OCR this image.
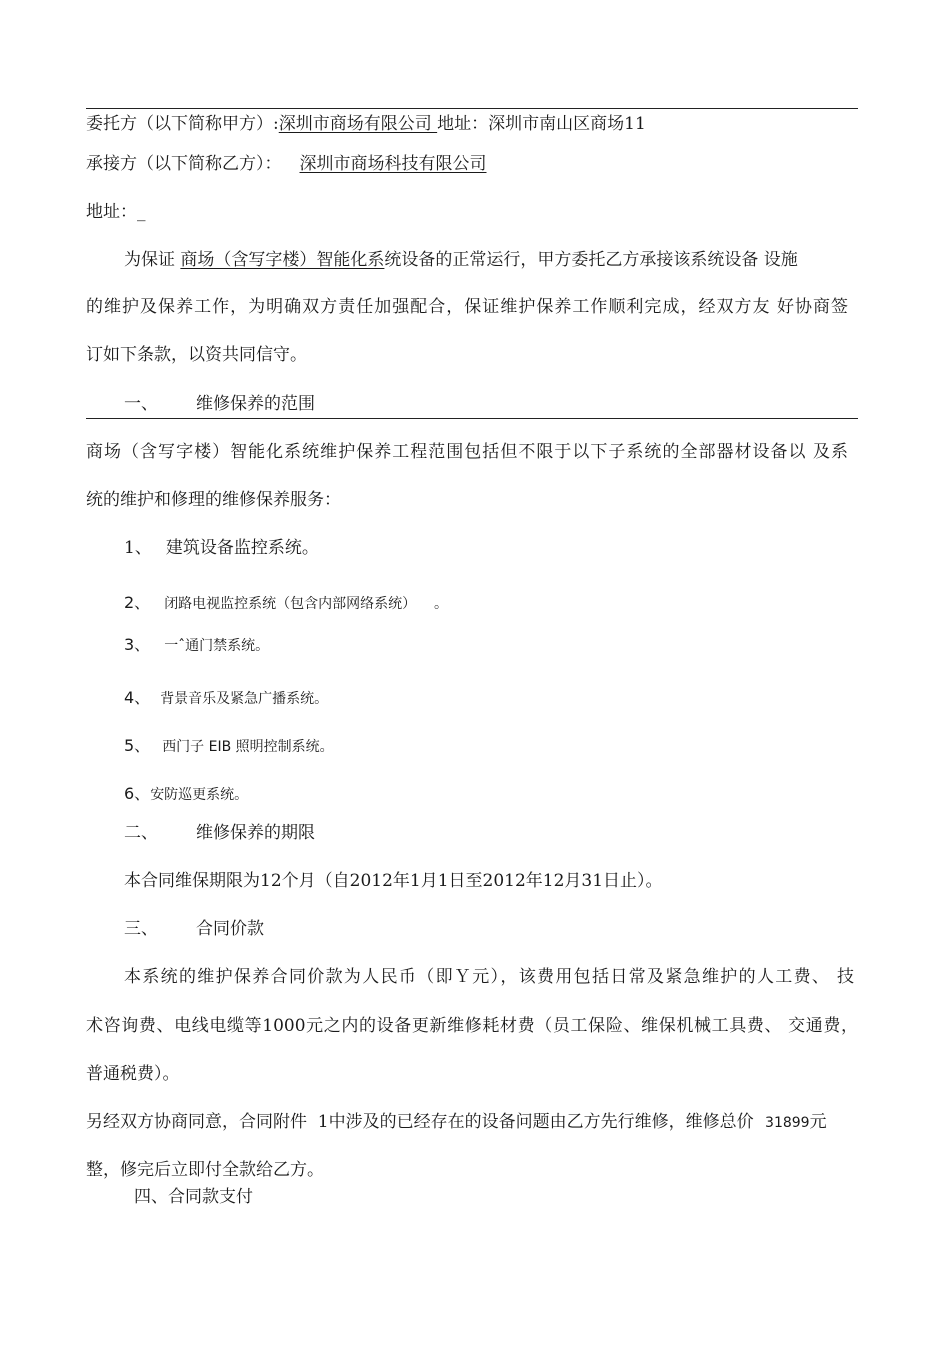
委托方（以下简称甲方）:深圳市商场有限公司 地址：深圳市南山区商场11
承接方（以下简称乙方）： 深圳市商场科技有限公司
地址：_
为保证 商场（含写字楼）智能化系统设备的正常运行，甲方委托乙方承接该系统设备 设施
的维护及保养工作，为明确双方责任加强配合，保证维护保养工作顺利完成，经双方友 好协商签
订如下条款，以资共同信守。
一、 维修保养的范围
商场（含写字楼）智能化系统维护保养工程范围包括但不限于以下子系统的全部器材设备以 及系
统的维护和修理的维修保养服务：
1、 建筑设备监控系统。
2、 闭路电视监控系统（包含内部网络系统）    。
3、 一ˆ通门禁系统。
4、 背景音乐及紧急广播系统。
5、 西门子 EIB 照明控制系统。
6、安防巡更系统。
二、 维修保养的期限
本合同维保期限为12个月（自2012年1月1日至2012年12月31日止）。
三、 合同价款
本系统的维护保养合同价款为人民币（即Ｙ元），该费用包括日常及紧急维护的人工费、 技
术咨询费、电线电缆等1000元之内的设备更新维修耗材费（员工保险、维保机械工具费、 交通费，
普通税费）。
另经双方协商同意，合同附件  1中涉及的已经存在的设备问题由乙方先行维修，维修总价 31899元
整，修完后立即付全款给乙方。
四、合同款支付
